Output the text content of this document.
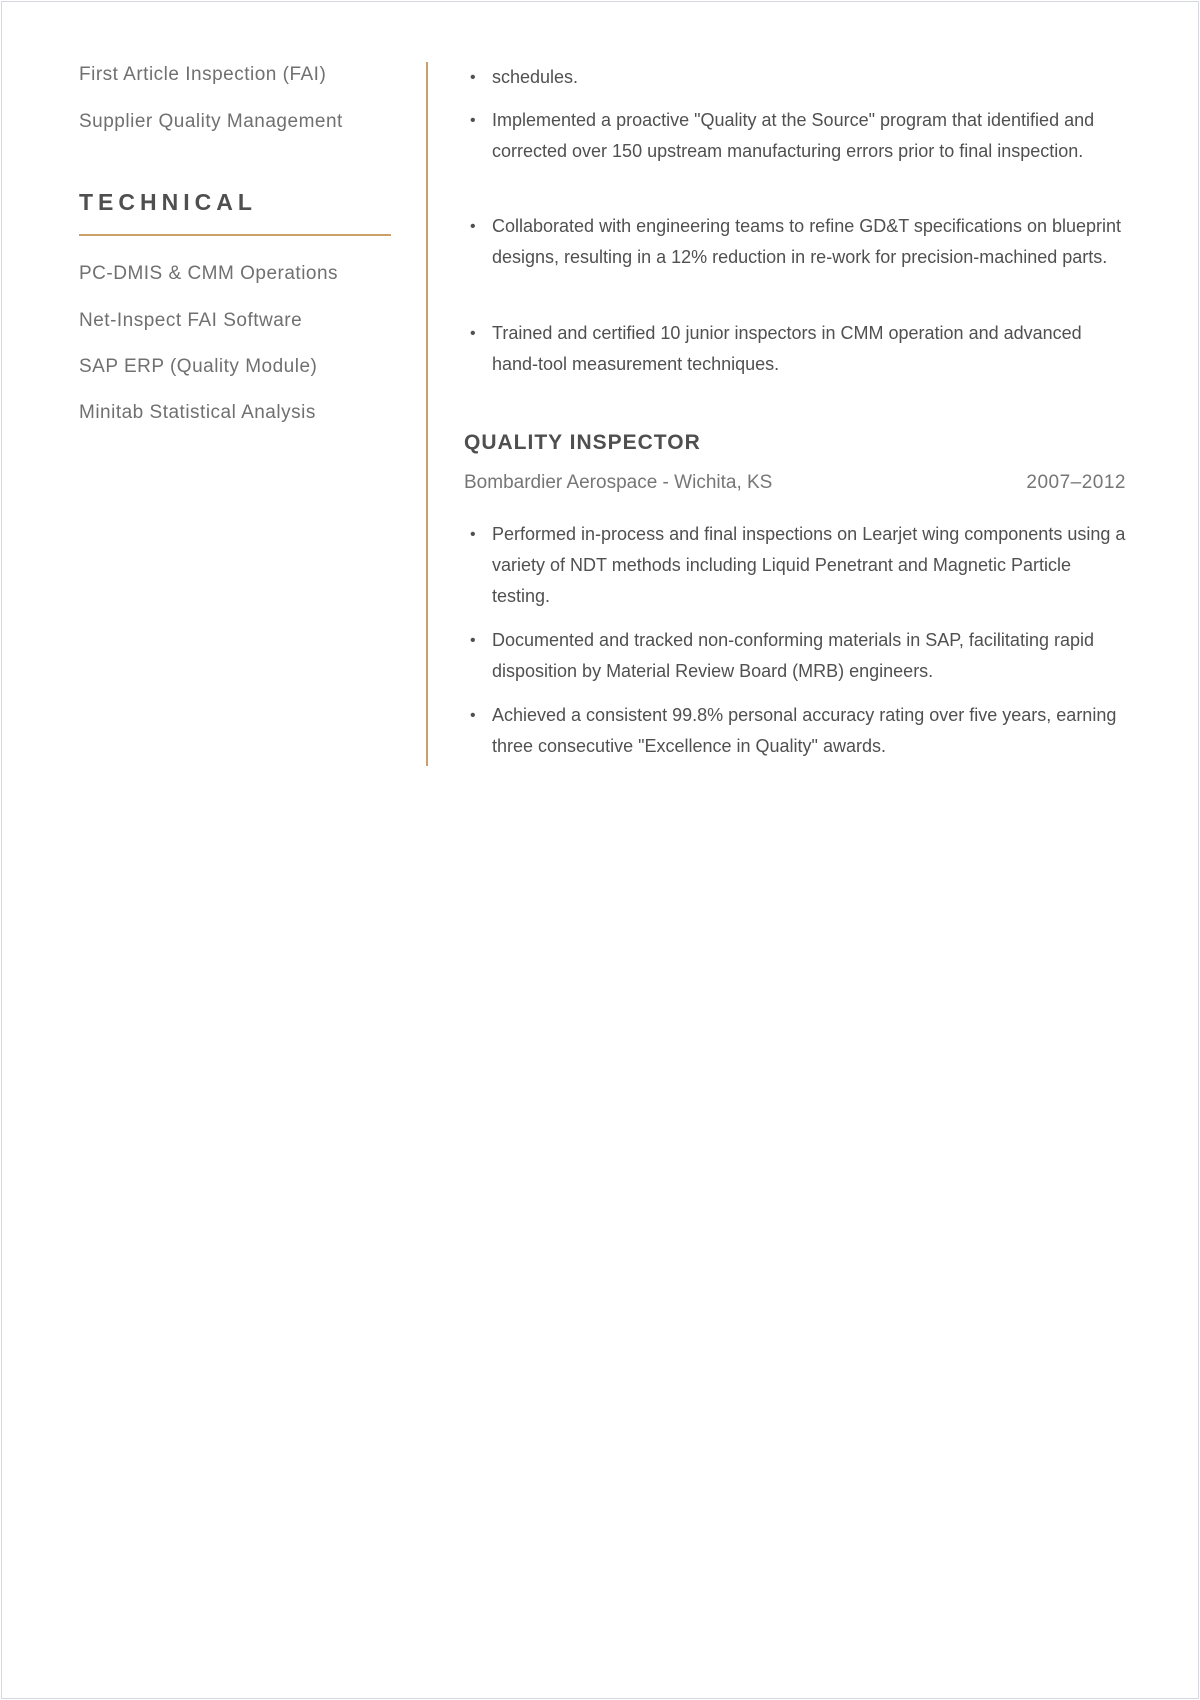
First Article Inspection (FAI)
Supplier Quality Management
TECHNICAL
PC-DMIS & CMM Operations
Net-Inspect FAI Software
SAP ERP (Quality Module)
Minitab Statistical Analysis
• schedules.
• Implemented a proactive "Quality at the Source" program that identified and corrected over 150 upstream manufacturing errors prior to final inspection.
• Collaborated with engineering teams to refine GD&T specifications on blueprint designs, resulting in a 12% reduction in re-work for precision-machined parts.
• Trained and certified 10 junior inspectors in CMM operation and advanced hand-tool measurement techniques.
QUALITY INSPECTOR
Bombardier Aerospace - Wichita, KS	2007–2012
• Performed in-process and final inspections on Learjet wing components using a variety of NDT methods including Liquid Penetrant and Magnetic Particle testing.
• Documented and tracked non-conforming materials in SAP, facilitating rapid disposition by Material Review Board (MRB) engineers.
• Achieved a consistent 99.8% personal accuracy rating over five years, earning three consecutive "Excellence in Quality" awards.
